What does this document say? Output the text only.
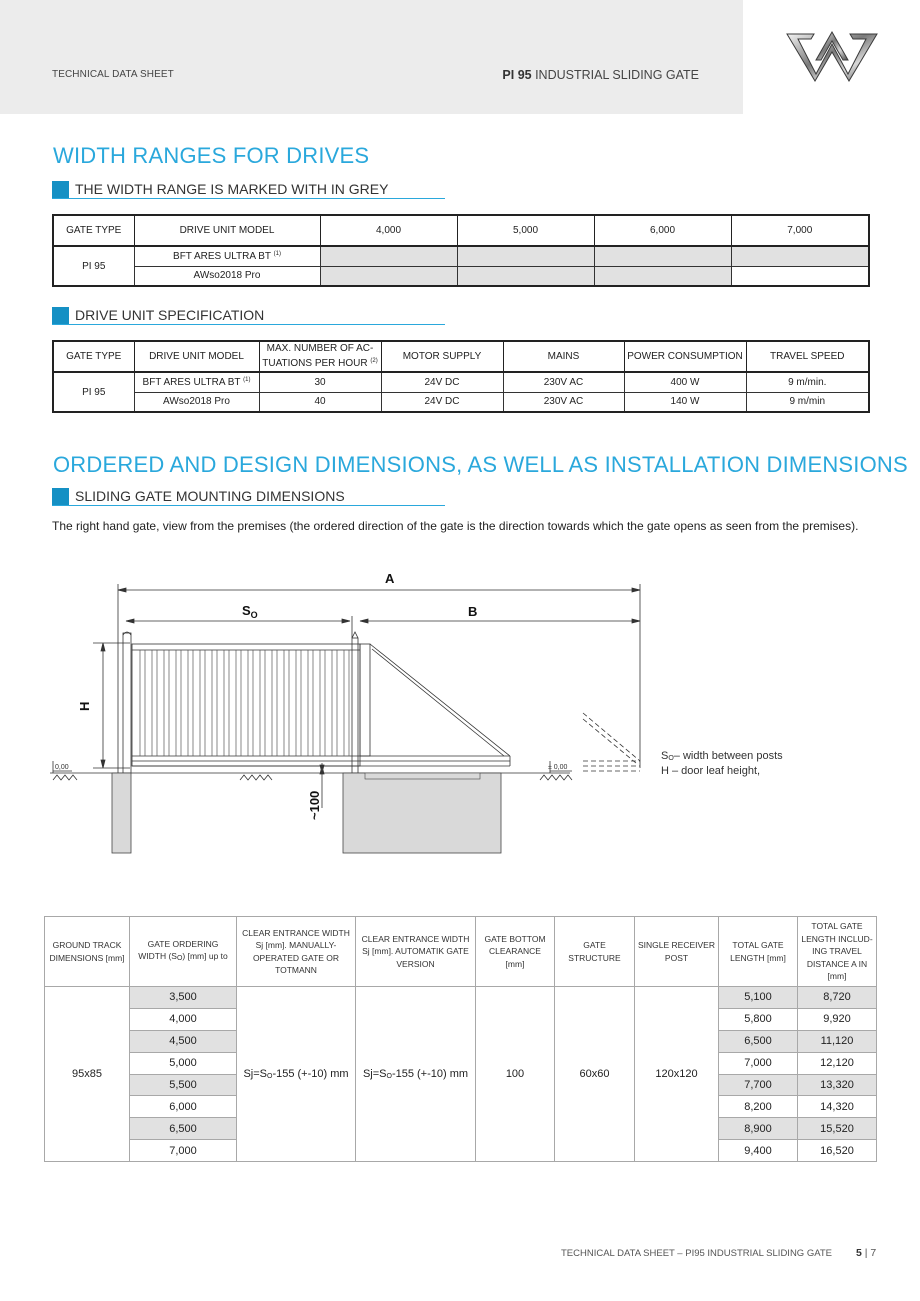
TECHNICAL DATA SHEET	PI 95 INDUSTRIAL SLIDING GATE
WIDTH RANGES FOR DRIVES
THE WIDTH RANGE IS MARKED WITH IN GREY
GATE TYPE	DRIVE UNIT MODEL	4,000	5,000	6,000	7,000
PI 95	BFT ARES ULTRA BT $^{(1)}$				
	AWso2018 Pro				
DRIVE UNIT SPECIFICATION
GATE TYPE	DRIVE UNIT MODEL	MAX. NUMBER OF AC-TUATIONS PER HOUR $^{(2)}$	MOTOR SUPPLY	MAINS	POWER CONSUMPTION	TRAVEL SPEED
PI 95	BFT ARES ULTRA BT $^{(1)}$	30	24V DC	230V AC	400 W	9 m/min.
	AWso2018 Pro	40	24V DC	230V AC	140 W	9 m/min
ORDERED AND DESIGN DIMENSIONS, AS WELL AS INSTALLATION DIMENSIONS
SLIDING GATE MOUNTING DIMENSIONS
The right hand gate, view from the premises (the ordered direction of the gate is the direction towards which the gate opens as seen from the premises).
A
B
$S_O$
H
~100
0,00	± 0,00
$S_O-$ width between posts
H – door leaf height,
GROUND TRACK DIMENSIONS [mm]	GATE ORDERING WIDTH $(S_O)$ [mm] up to	CLEAR ENTRANCE WIDTH Sj [mm]. MANUALLY-OPERATED GATE OR TOTMANN	CLEAR ENTRANCE WIDTH Sj [mm]. AUTOMATIK GATE VERSION	GATE BOTTOM CLEARANCE [mm]	GATE STRUCTURE	SINGLE RECEIVER POST	TOTAL GATE LENGTH [mm]	TOTAL GATE LENGTH INCLUD-ING TRAVEL DISTANCE A IN [mm]
95x85	3,500	$Sj=S_O-155$ (+-10) mm	$Sj=S_O-155$ (+-10) mm	100	60x60	120x120	5,100	8,720
	4,000						5,800	9,920
	4,500						6,500	11,120
	5,000						7,000	12,120
	5,500						7,700	13,320
	6,000						8,200	14,320
	6,500						8,900	15,520
	7,000						9,400	16,520
TECHNICAL DATA SHEET – PI95 INDUSTRIAL SLIDING GATE 5 | 7
